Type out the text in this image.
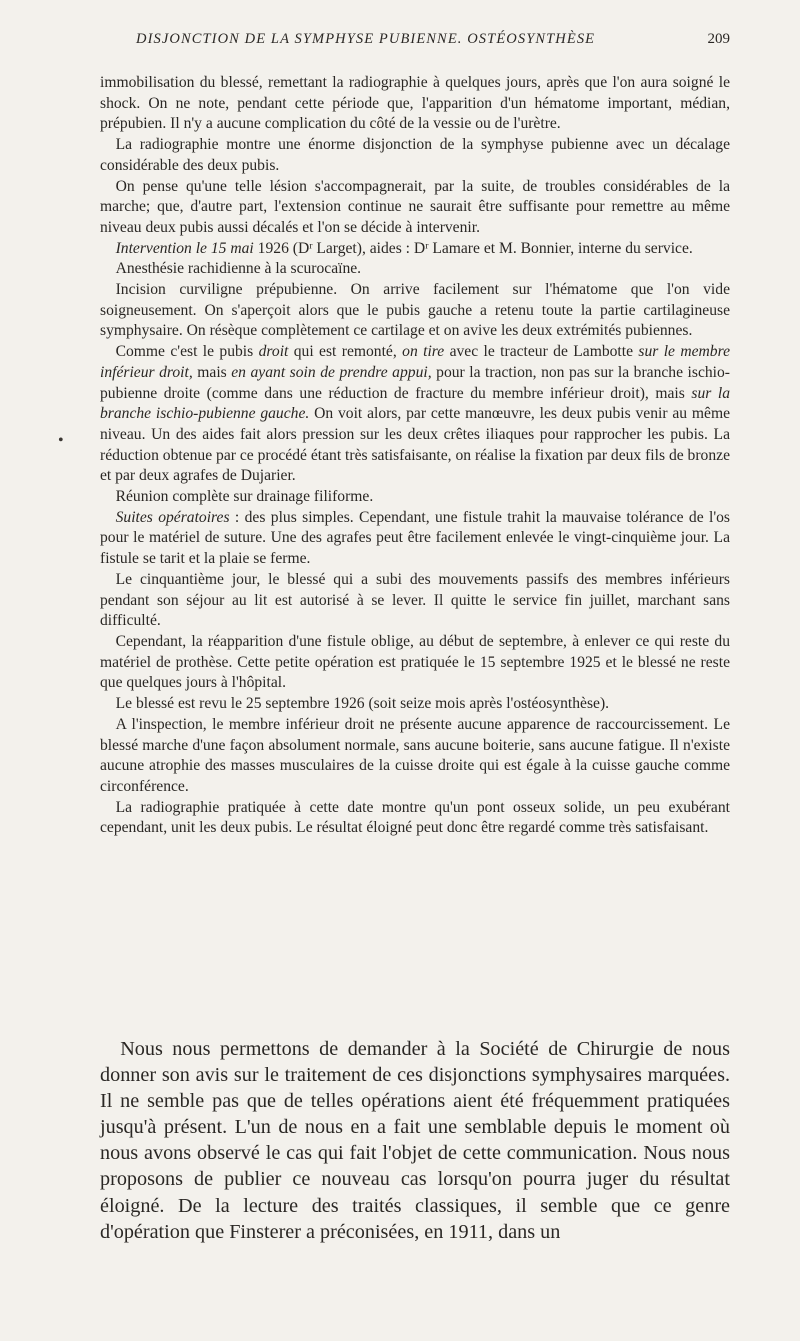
DISJONCTION DE LA SYMPHYSE PUBIENNE. OSTÉOSYNTHÈSE	209

immobilisation du blessé, remettant la radiographie à quelques jours, après que l'on aura soigné le shock. On ne note, pendant cette période que, l'apparition d'un hématome important, médian, prépubien. Il n'y a aucune complication du côté de la vessie ou de l'urètre.

La radiographie montre une énorme disjonction de la symphyse pubienne avec un décalage considérable des deux pubis.

On pense qu'une telle lésion s'accompagnerait, par la suite, de troubles considérables de la marche; que, d'autre part, l'extension continue ne saurait être suffisante pour remettre au même niveau deux pubis aussi décalés et l'on se décide à intervenir.

Intervention le 15 mai 1926 ($D^r$ Larget), aides : $D^r$ Lamare et M. Bonnier, interne du service.

Anesthésie rachidienne à la scurocaïne.

Incision curviligne prépubienne. On arrive facilement sur l'hématome que l'on vide soigneusement. On s'aperçoit alors que le pubis gauche a retenu toute la partie cartilagineuse symphysaire. On résèque complètement ce cartilage et on avive les deux extrémités pubiennes.

Comme c'est le pubis droit qui est remonté, on tire avec le tracteur de Lambotte sur le membre inférieur droit, mais en ayant soin de prendre appui, pour la traction, non pas sur la branche ischio-pubienne droite (comme dans une réduction de fracture du membre inférieur droit), mais sur la branche ischio-pubienne gauche. On voit alors, par cette manœuvre, les deux pubis venir au même niveau. Un des aides fait alors pression sur les deux crêtes iliaques pour rapprocher les pubis. La réduction obtenue par ce procédé étant très satisfaisante, on réalise la fixation par deux fils de bronze et par deux agrafes de Dujarier.

Réunion complète sur drainage filiforme.

Suites opératoires : des plus simples. Cependant, une fistule trahit la mauvaise tolérance de l'os pour le matériel de suture. Une des agrafes peut être facilement enlevée le vingt-cinquième jour. La fistule se tarit et la plaie se ferme.

Le cinquantième jour, le blessé qui a subi des mouvements passifs des membres inférieurs pendant son séjour au lit est autorisé à se lever. Il quitte le service fin juillet, marchant sans difficulté.

Cependant, la réapparition d'une fistule oblige, au début de septembre, à enlever ce qui reste du matériel de prothèse. Cette petite opération est pratiquée le 15 septembre 1925 et le blessé ne reste que quelques jours à l'hôpital.

Le blessé est revu le 25 septembre 1926 (soit seize mois après l'ostéosynthèse).

A l'inspection, le membre inférieur droit ne présente aucune apparence de raccourcissement. Le blessé marche d'une façon absolument normale, sans aucune boiterie, sans aucune fatigue. Il n'existe aucune atrophie des masses musculaires de la cuisse droite qui est égale à la cuisse gauche comme circonférence.

La radiographie pratiquée à cette date montre qu'un pont osseux solide, un peu exubérant cependant, unit les deux pubis. Le résultat éloigné peut donc être regardé comme très satisfaisant.

•

Nous nous permettons de demander à la Société de Chirurgie de nous donner son avis sur le traitement de ces disjonctions symphysaires marquées. Il ne semble pas que de telles opérations aient été fréquemment pratiquées jusqu'à présent. L'un de nous en a fait une semblable depuis le moment où nous avons observé le cas qui fait l'objet de cette communication. Nous nous proposons de publier ce nouveau cas lorsqu'on pourra juger du résultat éloigné. De la lecture des traités classiques, il semble que ce genre d'opération que Finsterer a préconisées, en 1911, dans un
